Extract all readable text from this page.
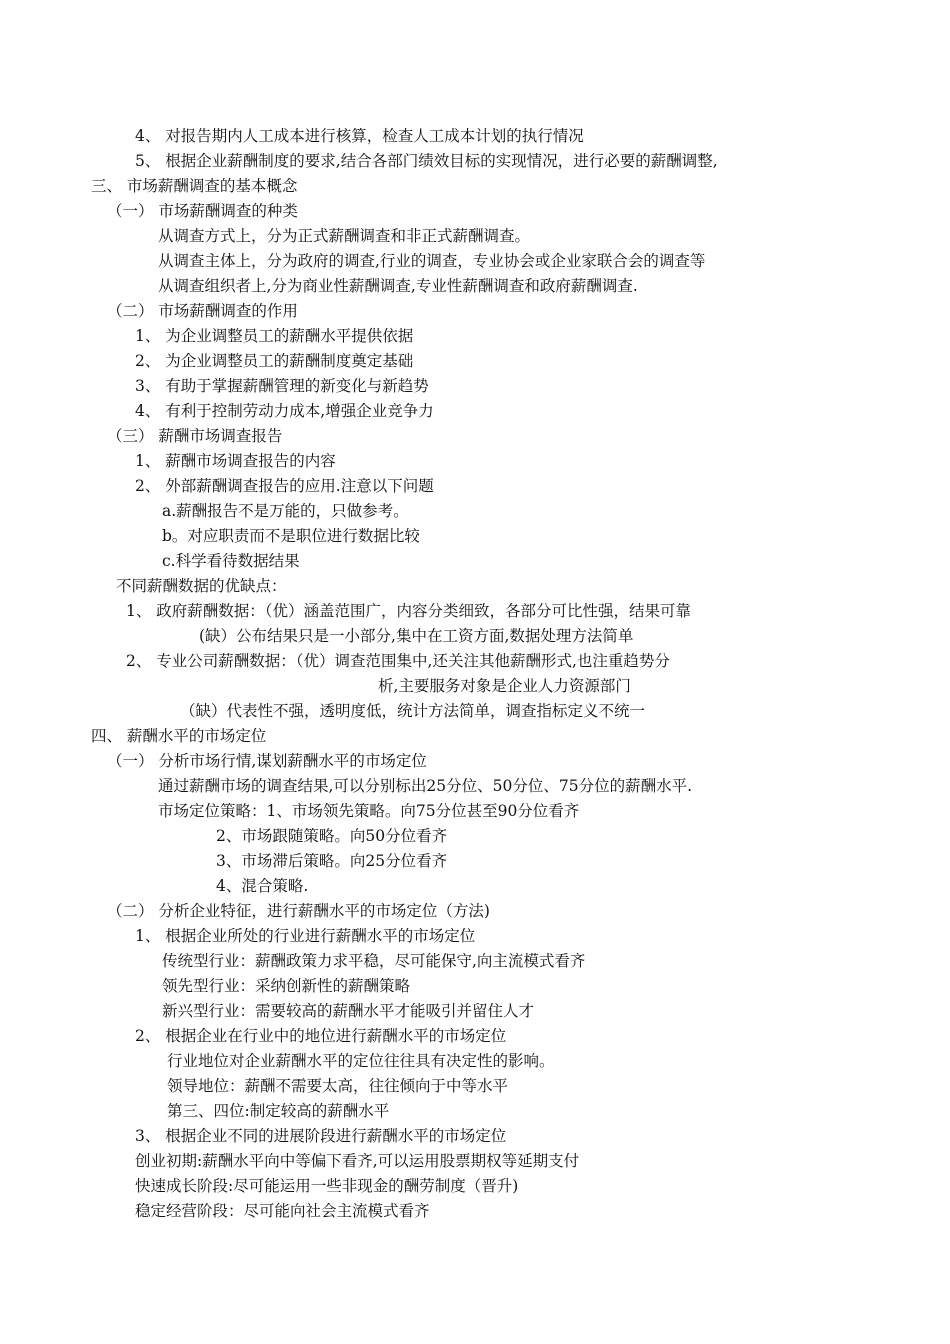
4、 对报告期内人工成本进行核算，检查人工成本计划的执行情况
5、 根据企业薪酬制度的要求,结合各部门绩效目标的实现情况，进行必要的薪酬调整,
三、 市场薪酬调查的基本概念
（一） 市场薪酬调查的种类
从调查方式上，分为正式薪酬调查和非正式薪酬调查。
从调查主体上，分为政府的调查,行业的调查，专业协会或企业家联合会的调查等
从调查组织者上,分为商业性薪酬调查,专业性薪酬调查和政府薪酬调查.
（二） 市场薪酬调查的作用
1、 为企业调整员工的薪酬水平提供依据
2、 为企业调整员工的薪酬制度奠定基础
3、 有助于掌握薪酬管理的新变化与新趋势
4、 有利于控制劳动力成本,增强企业竞争力
（三） 薪酬市场调查报告
1、 薪酬市场调查报告的内容
2、 外部薪酬调查报告的应用.注意以下问题
a.薪酬报告不是万能的，只做参考。
b。对应职责而不是职位进行数据比较
c.科学看待数据结果
不同薪酬数据的优缺点：
1、 政府薪酬数据：（优）涵盖范围广，内容分类细致，各部分可比性强，结果可靠
(缺）公布结果只是一小部分,集中在工资方面,数据处理方法简单
2、 专业公司薪酬数据：（优）调查范围集中,还关注其他薪酬形式,也注重趋势分
析,主要服务对象是企业人力资源部门
（缺）代表性不强，透明度低，统计方法简单，调查指标定义不统一
四、 薪酬水平的市场定位
（一） 分析市场行情,谋划薪酬水平的市场定位
通过薪酬市场的调查结果,可以分别标出25分位、50分位、75分位的薪酬水平.
市场定位策略：1、市场领先策略。向75分位甚至90分位看齐
2、市场跟随策略。向50分位看齐
3、市场滞后策略。向25分位看齐
4、混合策略.
（二） 分析企业特征，进行薪酬水平的市场定位（方法)
1、 根据企业所处的行业进行薪酬水平的市场定位
传统型行业：薪酬政策力求平稳，尽可能保守,向主流模式看齐
领先型行业：采纳创新性的薪酬策略
新兴型行业：需要较高的薪酬水平才能吸引并留住人才
2、 根据企业在行业中的地位进行薪酬水平的市场定位
行业地位对企业薪酬水平的定位往往具有决定性的影响。
领导地位：薪酬不需要太高，往往倾向于中等水平
第三、四位:制定较高的薪酬水平
3、 根据企业不同的进展阶段进行薪酬水平的市场定位
创业初期:薪酬水平向中等偏下看齐,可以运用股票期权等延期支付
快速成长阶段:尽可能运用一些非现金的酬劳制度（晋升)
稳定经营阶段：尽可能向社会主流模式看齐
